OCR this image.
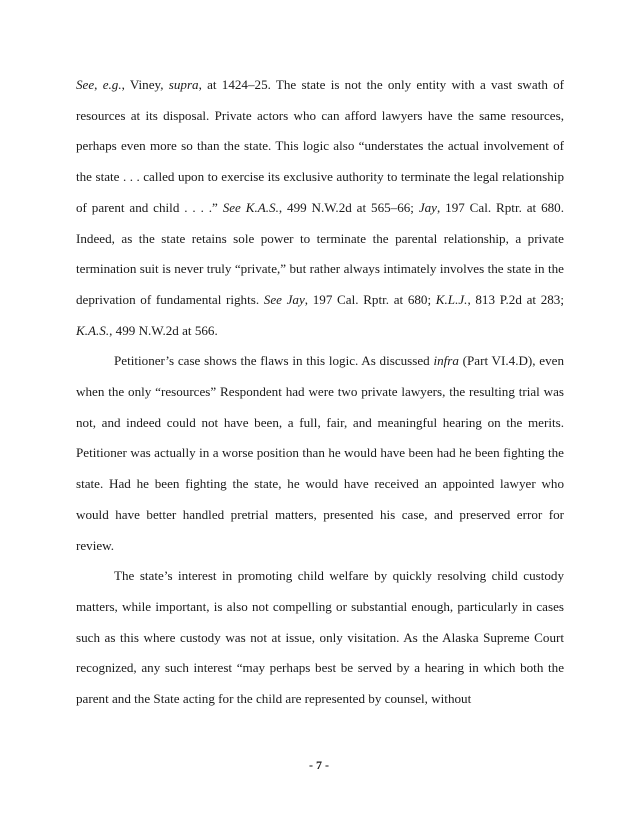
See, e.g., Viney, supra, at 1424–25. The state is not the only entity with a vast swath of resources at its disposal. Private actors who can afford lawyers have the same resources, perhaps even more so than the state. This logic also “understates the actual involvement of the state . . . called upon to exercise its exclusive authority to terminate the legal relationship of parent and child . . . .” See K.A.S., 499 N.W.2d at 565–66; Jay, 197 Cal. Rptr. at 680. Indeed, as the state retains sole power to terminate the parental relationship, a private termination suit is never truly “private,” but rather always intimately involves the state in the deprivation of fundamental rights. See Jay, 197 Cal. Rptr. at 680; K.L.J., 813 P.2d at 283; K.A.S., 499 N.W.2d at 566.

Petitioner’s case shows the flaws in this logic. As discussed infra (Part VI.4.D), even when the only “resources” Respondent had were two private lawyers, the resulting trial was not, and indeed could not have been, a full, fair, and meaningful hearing on the merits. Petitioner was actually in a worse position than he would have been had he been fighting the state. Had he been fighting the state, he would have received an appointed lawyer who would have better handled pretrial matters, presented his case, and preserved error for review.

The state’s interest in promoting child welfare by quickly resolving child custody matters, while important, is also not compelling or substantial enough, particularly in cases such as this where custody was not at issue, only visitation. As the Alaska Supreme Court recognized, any such interest “may perhaps best be served by a hearing in which both the parent and the State acting for the child are represented by counsel, without

- 7 -
